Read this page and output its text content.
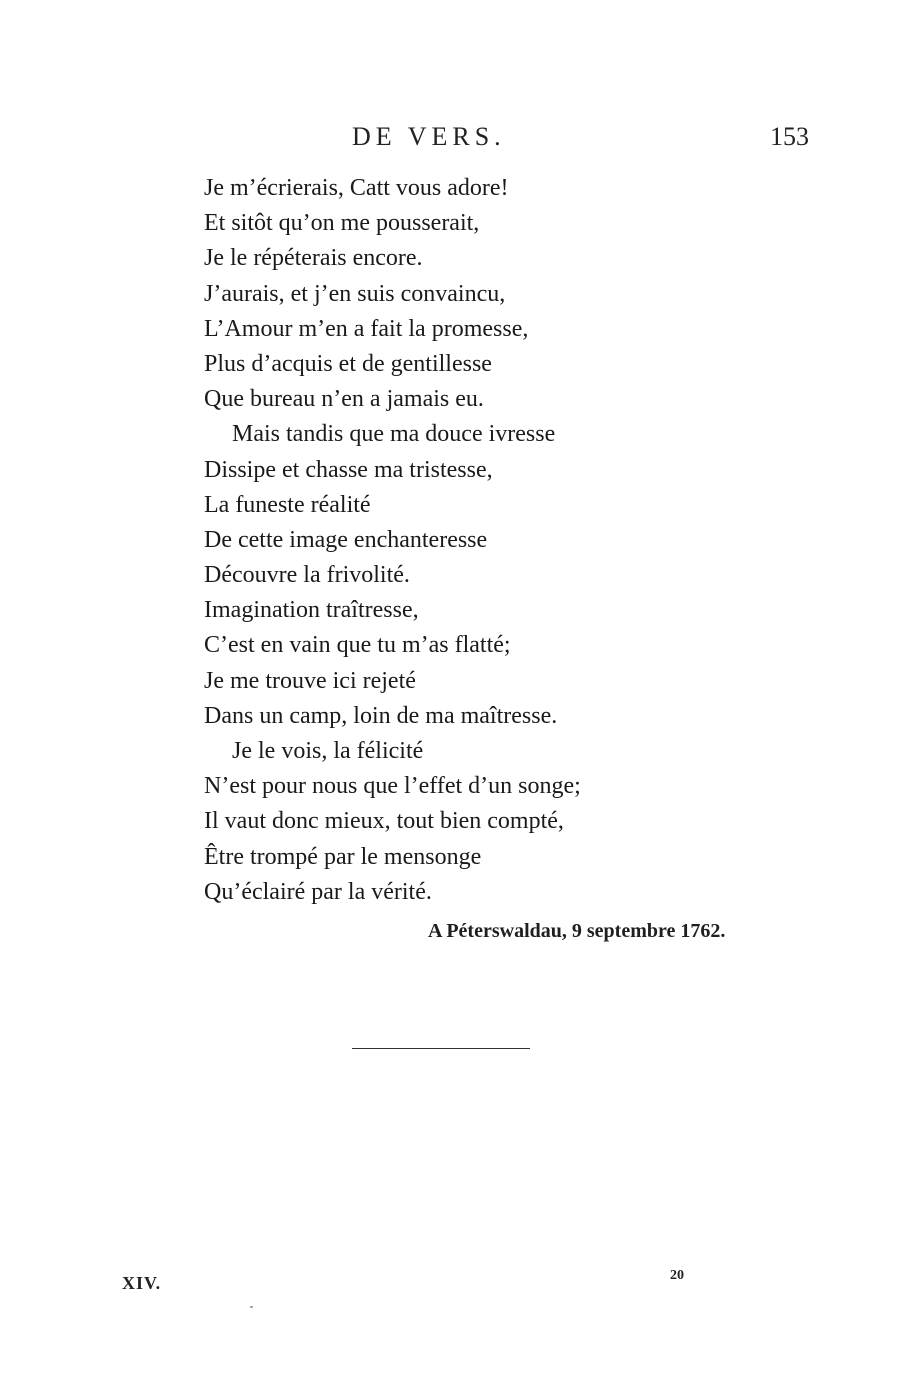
DE VERS.	153
Je m’écrierais, Catt vous adore!
Et sitôt qu’on me pousserait,
Je le répéterais encore.
J’aurais, et j’en suis convaincu,
L’Amour m’en a fait la promesse,
Plus d’acquis et de gentillesse
Que bureau n’en a jamais eu.
Mais tandis que ma douce ivresse
Dissipe et chasse ma tristesse,
La funeste réalité
De cette image enchanteresse
Découvre la frivolité.
Imagination traîtresse,
C’est en vain que tu m’as flatté;
Je me trouve ici rejeté
Dans un camp, loin de ma maîtresse.
Je le vois, la félicité
N’est pour nous que l’effet d’un songe;
Il vaut donc mieux, tout bien compté,
Être trompé par le mensonge
Qu’éclairé par la vérité.
A Péterswaldau, 9 septembre 1762.
XIV.	20
